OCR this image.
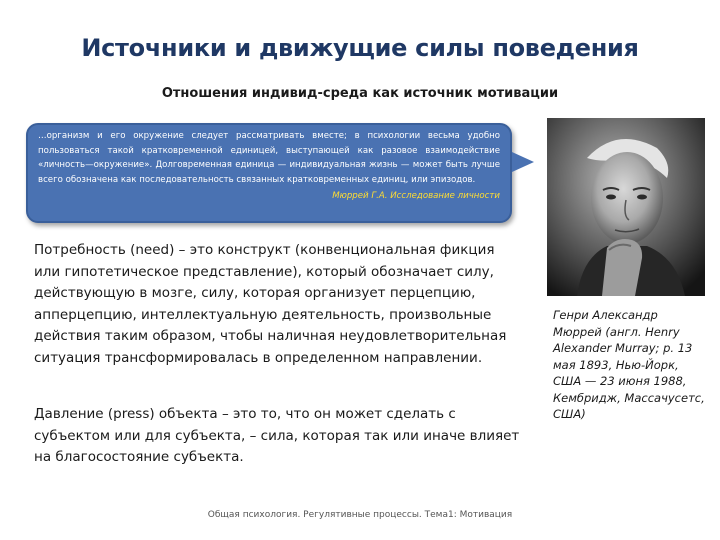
Источники и движущие силы поведения
Отношения индивид-среда как источник мотивации

…организм и его окружение следует рассматривать вместе; в психологии весьма удобно пользоваться такой кратковременной единицей, выступающей как разовое взаимодействие «личность—окружение». Долговременная единица — индивидуальная жизнь — может быть лучше всего обозначена как последовательность связанных кратковременных единиц, или эпизодов.

Мюррей Г.А. Исследование личности

Потребность (need) – это конструкт (конвенциональная фикция или гипотетическое представление), который обозначает силу, действующую в мозге, силу, которая организует перцепцию, апперцепцию, интеллектуальную деятельность, произвольные действия таким образом, чтобы наличная неудовлетворительная ситуация трансформировалась в определенном направлении.

Давление (press) объекта – это то, что он может сделать с субъектом или для субъекта, – сила, которая так или иначе влияет на благосостояние субъекта.

Генри Александр Мюррей (англ. Henry Alexander Murray; р. 13 мая 1893, Нью-Йорк, США — 23 июня 1988, Кембридж, Массачусетс, США)

Общая психология. Регулятивные процессы. Тема1: Мотивация
